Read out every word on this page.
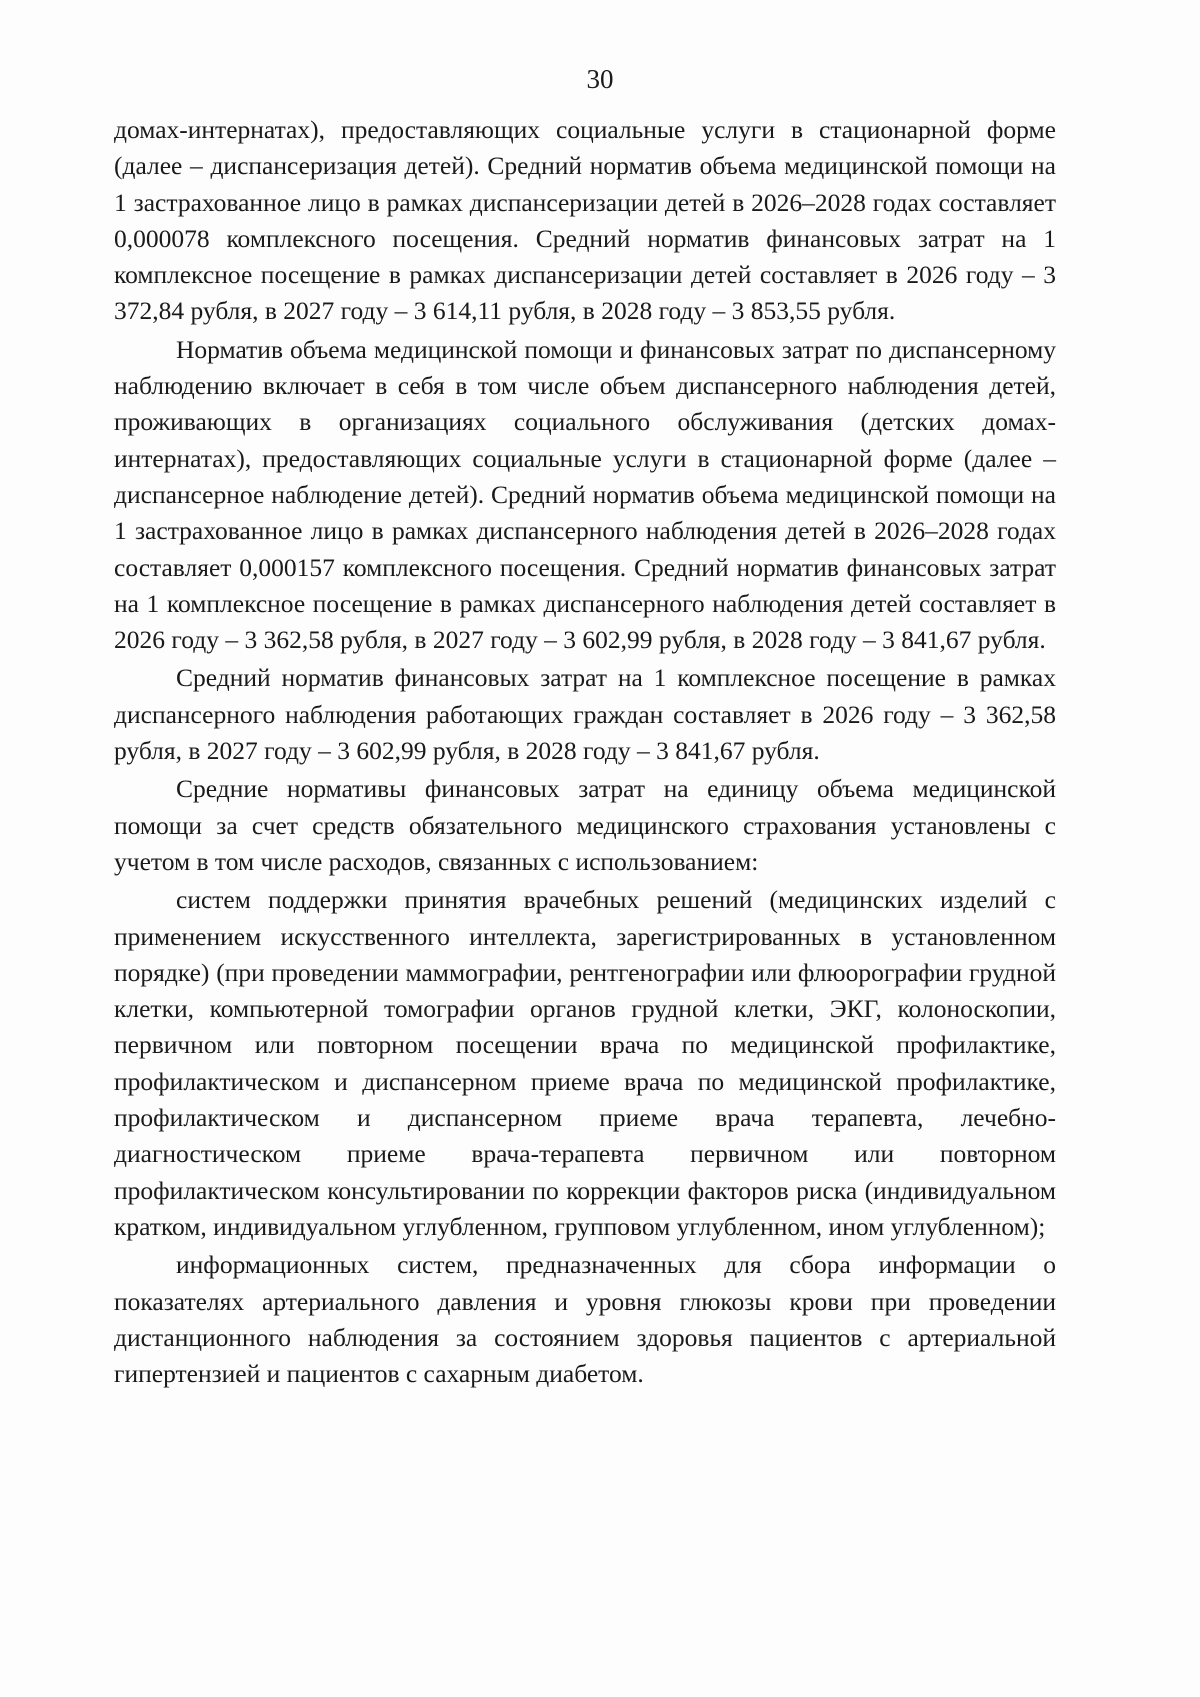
30

домах-интернатах), предоставляющих социальные услуги в стационарной форме (далее – диспансеризация детей). Средний норматив объема медицинской помощи на 1 застрахованное лицо в рамках диспансеризации детей в 2026–2028 годах составляет 0,000078 комплексного посещения. Средний норматив финансовых затрат на 1 комплексное посещение в рамках диспансеризации детей составляет в 2026 году – 3 372,84 рубля, в 2027 году – 3 614,11 рубля, в 2028 году – 3 853,55 рубля.

Норматив объема медицинской помощи и финансовых затрат по диспансерному наблюдению включает в себя в том числе объем диспансерного наблюдения детей, проживающих в организациях социального обслуживания (детских домах-интернатах), предоставляющих социальные услуги в стационарной форме (далее – диспансерное наблюдение детей). Средний норматив объема медицинской помощи на 1 застрахованное лицо в рамках диспансерного наблюдения детей в 2026–2028 годах составляет 0,000157 комплексного посещения. Средний норматив финансовых затрат на 1 комплексное посещение в рамках диспансерного наблюдения детей составляет в 2026 году – 3 362,58 рубля, в 2027 году – 3 602,99 рубля, в 2028 году – 3 841,67 рубля.

Средний норматив финансовых затрат на 1 комплексное посещение в рамках диспансерного наблюдения работающих граждан составляет в 2026 году – 3 362,58 рубля, в 2027 году – 3 602,99 рубля, в 2028 году – 3 841,67 рубля.

Средние нормативы финансовых затрат на единицу объема медицинской помощи за счет средств обязательного медицинского страхования установлены с учетом в том числе расходов, связанных с использованием:

систем поддержки принятия врачебных решений (медицинских изделий с применением искусственного интеллекта, зарегистрированных в установленном порядке) (при проведении маммографии, рентгенографии или флюорографии грудной клетки, компьютерной томографии органов грудной клетки, ЭКГ, колоноскопии, первичном или повторном посещении врача по медицинской профилактике, профилактическом и диспансерном приеме врача по медицинской профилактике, профилактическом и диспансерном приеме врача терапевта, лечебно-диагностическом приеме врача-терапевта первичном или повторном профилактическом консультировании по коррекции факторов риска (индивидуальном кратком, индивидуальном углубленном, групповом углубленном, ином углубленном);

информационных систем, предназначенных для сбора информации о показателях артериального давления и уровня глюкозы крови при проведении дистанционного наблюдения за состоянием здоровья пациентов с артериальной гипертензией и пациентов с сахарным диабетом.
